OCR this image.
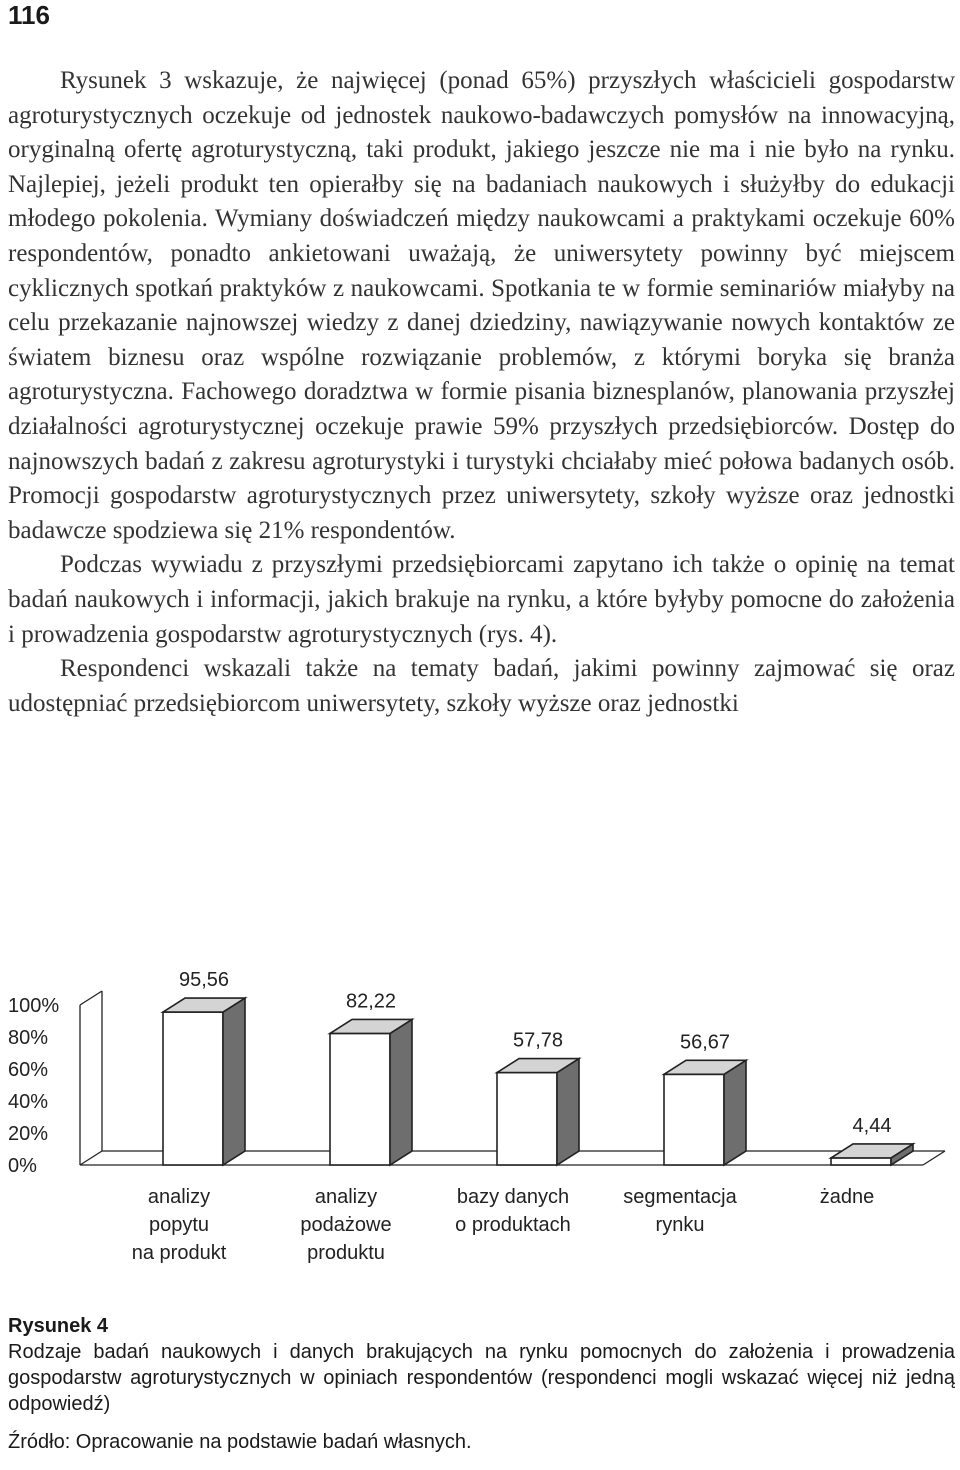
116

Rysunek 3 wskazuje, że najwięcej (ponad 65%) przyszłych właścicieli gospodarstw agroturystycznych oczekuje od jednostek naukowo-badawczych pomysłów na innowacyjną, oryginalną ofertę agroturystyczną, taki produkt, jakiego jeszcze nie ma i nie było na rynku. Najlepiej, jeżeli produkt ten opierałby się na badaniach naukowych i służyłby do edukacji młodego pokolenia. Wymiany doświadczeń między naukowcami a praktykami oczekuje 60% respondentów, ponadto ankietowani uważają, że uniwersytety powinny być miejscem cyklicznych spotkań praktyków z naukowcami. Spotkania te w formie seminariów miałyby na celu przekazanie najnowszej wiedzy z danej dziedziny, nawiązywanie nowych kontaktów ze światem biznesu oraz wspólne rozwiązanie problemów, z którymi boryka się branża agroturystyczna. Fachowego doradztwa w formie pisania biznesplanów, planowania przyszłej działalności agroturystycznej oczekuje prawie 59% przyszłych przedsiębiorców. Dostęp do najnowszych badań z zakresu agroturystyki i turystyki chciałaby mieć połowa badanych osób. Promocji gospodarstw agroturystycznych przez uniwersytety, szkoły wyższe oraz jednostki badawcze spodziewa się 21% respondentów.

Podczas wywiadu z przyszłymi przedsiębiorcami zapytano ich także o opinię na temat badań naukowych i informacji, jakich brakuje na rynku, a które byłyby pomocne do założenia i prowadzenia gospodarstw agroturystycznych (rys. 4).

Respondenci wskazali także na tematy badań, jakimi powinny zajmować się oraz udostępniać przedsiębiorcom uniwersytety, szkoły wyższe oraz jednostki

0%
20%
40%
60%
80%
100%
95,56
82,22
57,78	56,67
4,44
analizy
popytu
na produkt
analizy
podażowe
produktu
bazy danych
o produktach
segmentacja
rynku
żadne
Rysunek 4
Rodzaje badań naukowych i danych brakujących na rynku pomocnych do założenia i prowadzenia gospodarstw agroturystycznych w opiniach respondentów (respondenci mogli wskazać więcej niż jedną odpowiedź)
Źródło: Opracowanie na podstawie badań własnych.
